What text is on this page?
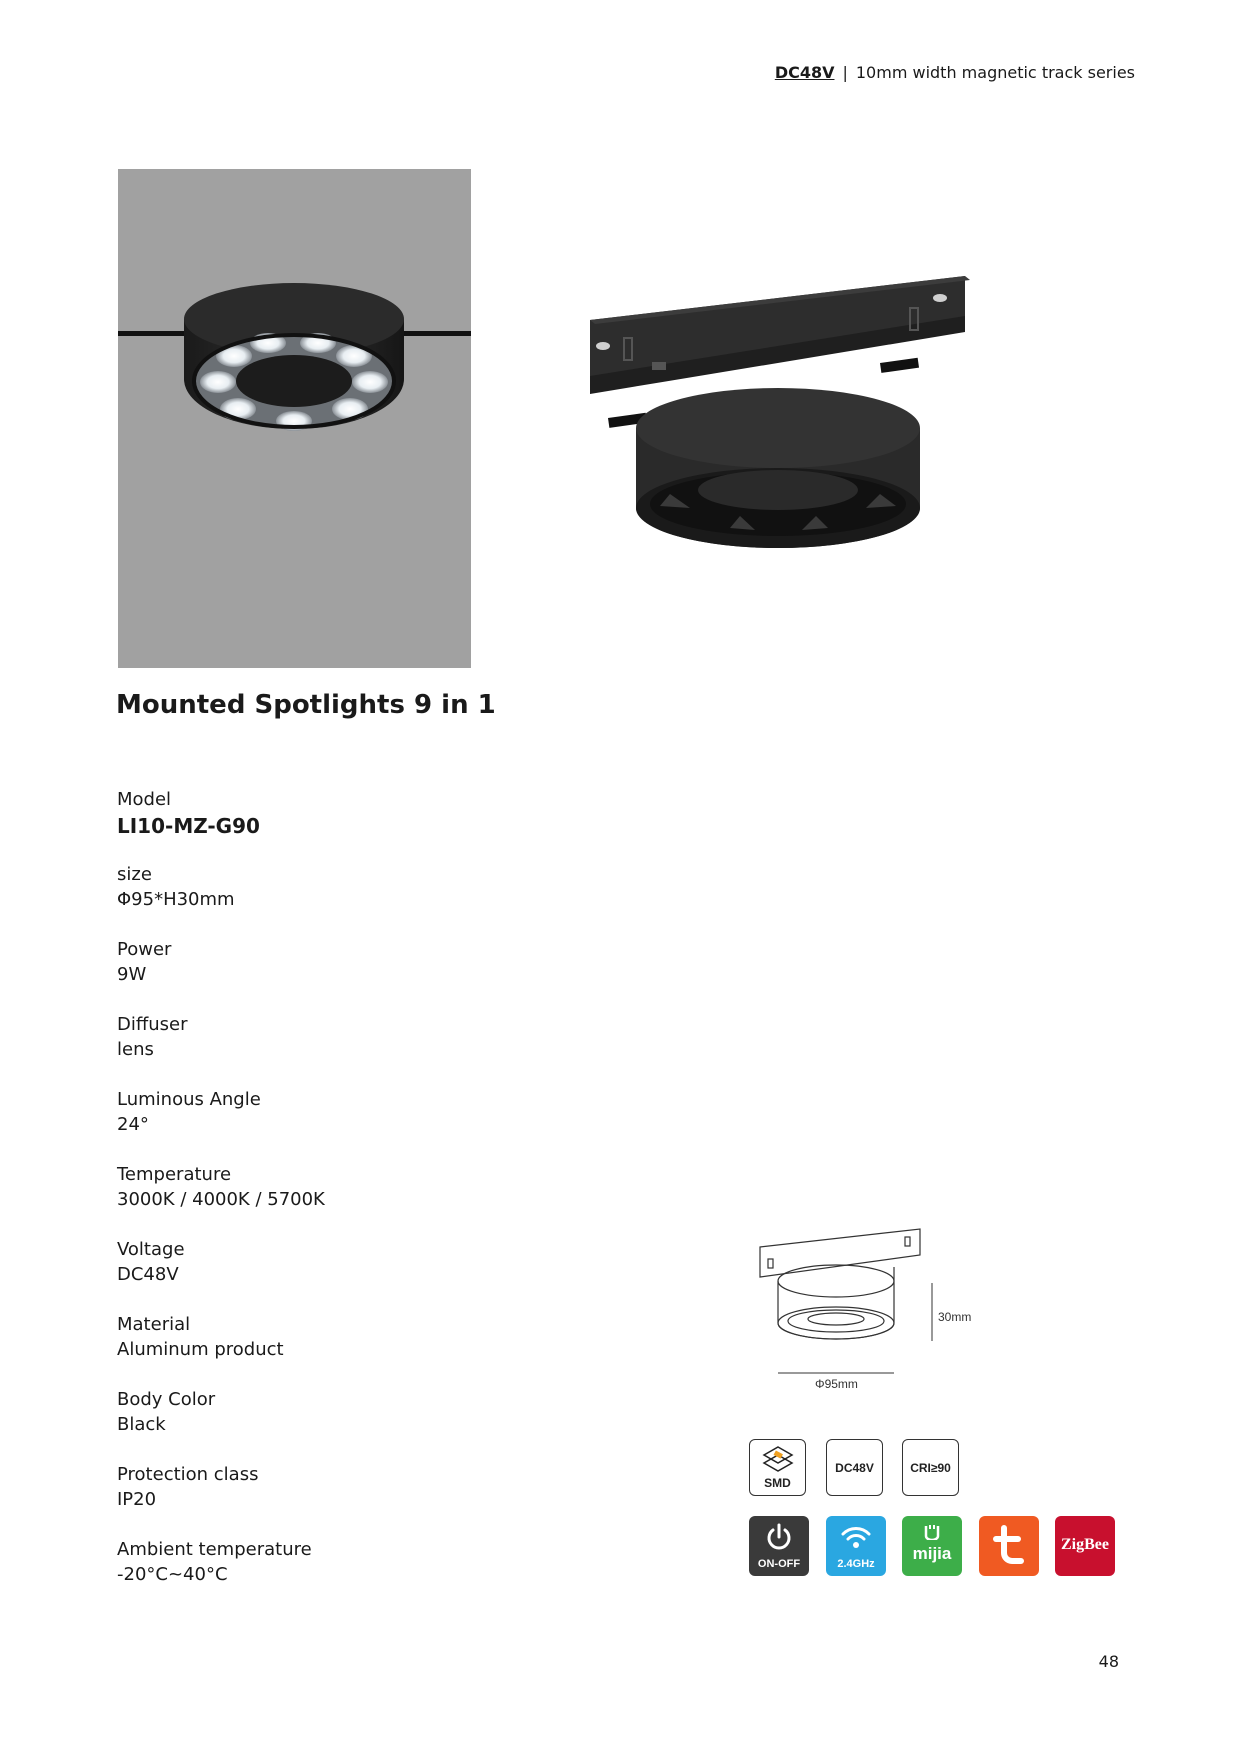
DC48V | 10mm width magnetic track series
Mounted Spotlights 9 in 1
Model
LI10-MZ-G90
size
Φ95*H30mm
Power
9W
Diffuser
lens
Luminous Angle
24°
Temperature
3000K / 4000K / 5700K
Voltage
DC48V
Material
Aluminum product
Body Color
Black
Protection class
IP20
Ambient temperature
-20°C~40°C
30mm
Φ95mm
SMD
DC48V	CRI≥90
ON-OFF	2.4GHz
mijia	ZigBee
48
